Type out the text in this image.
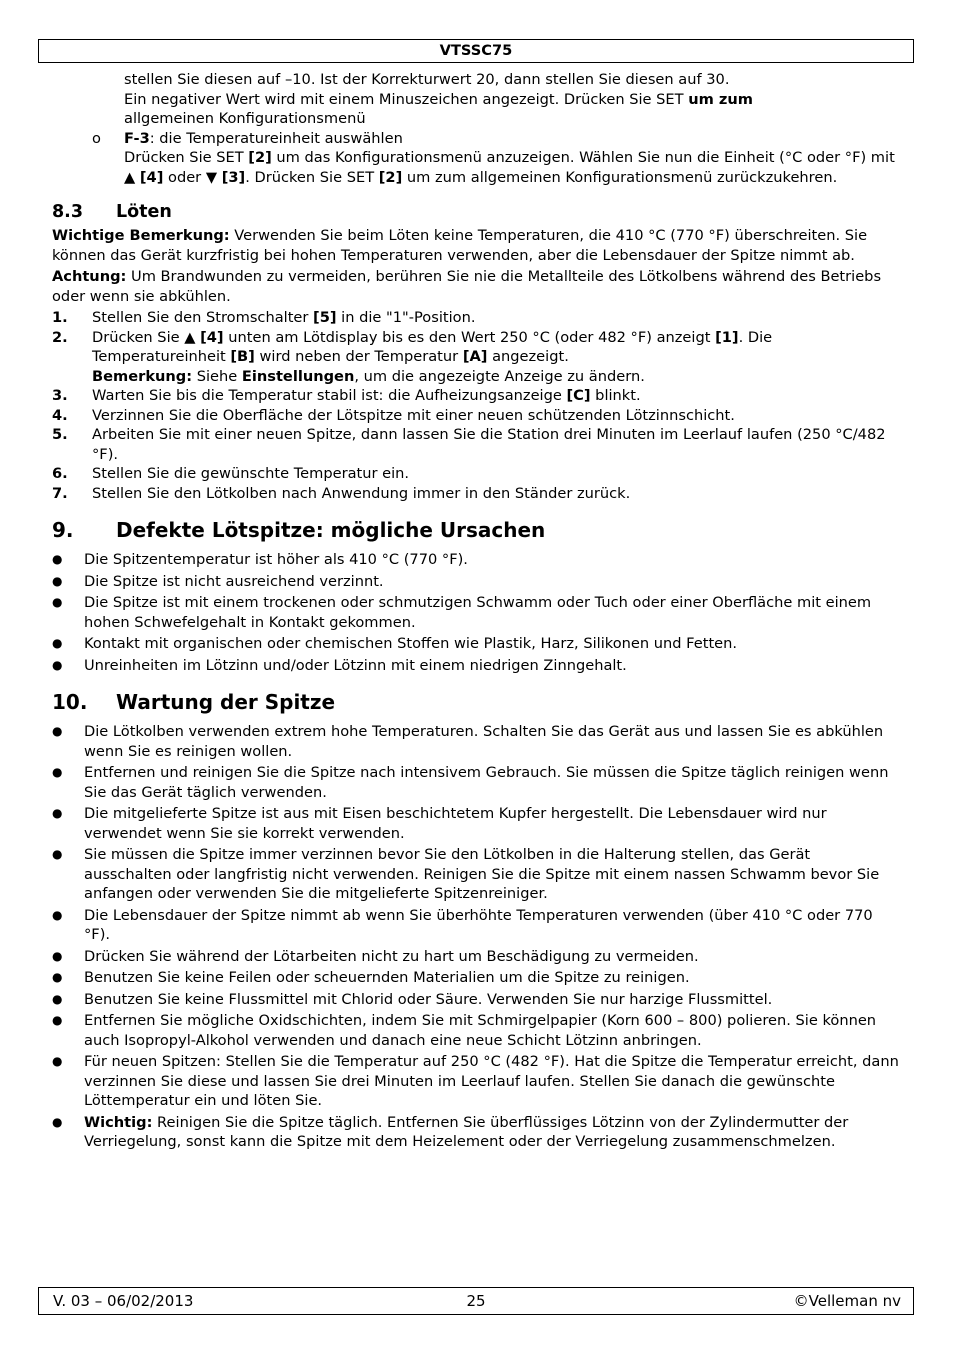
VTSSC75
stellen Sie diesen auf –10. Ist der Korrekturwert 20, dann stellen Sie diesen auf 30.
Ein negativer Wert wird mit einem Minuszeichen angezeigt. Drücken Sie SET um zum
allgemeinen Konfigurationsmenü
o F-3: die Temperatureinheit auswählen
Drücken Sie SET [2] um das Konfigurationsmenü anzuzeigen. Wählen Sie nun die Einheit (°C oder °F) mit ▲ [4] oder ▼ [3]. Drücken Sie SET [2] um zum allgemeinen Konfigurationsmenü zurückzukehren.
8.3 Löten

Wichtige Bemerkung: Verwenden Sie beim Löten keine Temperaturen, die 410 °C (770 °F) überschreiten. Sie können das Gerät kurzfristig bei hohen Temperaturen verwenden, aber die Lebensdauer der Spitze nimmt ab.

Achtung: Um Brandwunden zu vermeiden, berühren Sie nie die Metallteile des Lötkolbens während des Betriebs oder wenn sie abkühlen.

1. Stellen Sie den Stromschalter [5] in die "1"-Position.
2. Drücken Sie ▲ [4] unten am Lötdisplay bis es den Wert 250 °C (oder 482 °F) anzeigt [1]. Die Temperatureinheit [B] wird neben der Temperatur [A] angezeigt.
Bemerkung: Siehe Einstellungen, um die angezeigte Anzeige zu ändern.
3. Warten Sie bis die Temperatur stabil ist: die Aufheizungsanzeige [C] blinkt.
4. Verzinnen Sie die Oberfläche der Lötspitze mit einer neuen schützenden Lötzinnschicht.
5. Arbeiten Sie mit einer neuen Spitze, dann lassen Sie die Station drei Minuten im Leerlauf laufen (250 °C/482 °F).
6. Stellen Sie die gewünschte Temperatur ein.
7. Stellen Sie den Lötkolben nach Anwendung immer in den Ständer zurück.
9. Defekte Lötspitze: mögliche Ursachen
● Die Spitzentemperatur ist höher als 410 °C (770 °F).
● Die Spitze ist nicht ausreichend verzinnt.
● Die Spitze ist mit einem trockenen oder schmutzigen Schwamm oder Tuch oder einer Oberfläche mit einem hohen Schwefelgehalt in Kontakt gekommen.
● Kontakt mit organischen oder chemischen Stoffen wie Plastik, Harz, Silikonen und Fetten.
● Unreinheiten im Lötzinn und/oder Lötzinn mit einem niedrigen Zinngehalt.
10. Wartung der Spitze
● Die Lötkolben verwenden extrem hohe Temperaturen. Schalten Sie das Gerät aus und lassen Sie es abkühlen wenn Sie es reinigen wollen.
● Entfernen und reinigen Sie die Spitze nach intensivem Gebrauch. Sie müssen die Spitze täglich reinigen wenn Sie das Gerät täglich verwenden.
● Die mitgelieferte Spitze ist aus mit Eisen beschichtetem Kupfer hergestellt. Die Lebensdauer wird nur verwendet wenn Sie sie korrekt verwenden.
● Sie müssen die Spitze immer verzinnen bevor Sie den Lötkolben in die Halterung stellen, das Gerät ausschalten oder langfristig nicht verwenden. Reinigen Sie die Spitze mit einem nassen Schwamm bevor Sie anfangen oder verwenden Sie die mitgelieferte Spitzenreiniger.
● Die Lebensdauer der Spitze nimmt ab wenn Sie überhöhte Temperaturen verwenden (über 410 °C oder 770 °F).
● Drücken Sie während der Lötarbeiten nicht zu hart um Beschädigung zu vermeiden.
● Benutzen Sie keine Feilen oder scheuernden Materialien um die Spitze zu reinigen.
● Benutzen Sie keine Flussmittel mit Chlorid oder Säure. Verwenden Sie nur harzige Flussmittel.
● Entfernen Sie mögliche Oxidschichten, indem Sie mit Schmirgelpapier (Korn 600 – 800) polieren. Sie können auch Isopropyl-Alkohol verwenden und danach eine neue Schicht Lötzinn anbringen.
● Für neuen Spitzen: Stellen Sie die Temperatur auf 250 °C (482 °F). Hat die Spitze die Temperatur erreicht, dann verzinnen Sie diese und lassen Sie drei Minuten im Leerlauf laufen. Stellen Sie danach die gewünschte Löttemperatur ein und löten Sie.
● Wichtig: Reinigen Sie die Spitze täglich. Entfernen Sie überflüssiges Lötzinn von der Zylindermutter der Verriegelung, sonst kann die Spitze mit dem Heizelement oder der Verriegelung zusammenschmelzen.
V. 03 – 06/02/2013	25	©Velleman nv
